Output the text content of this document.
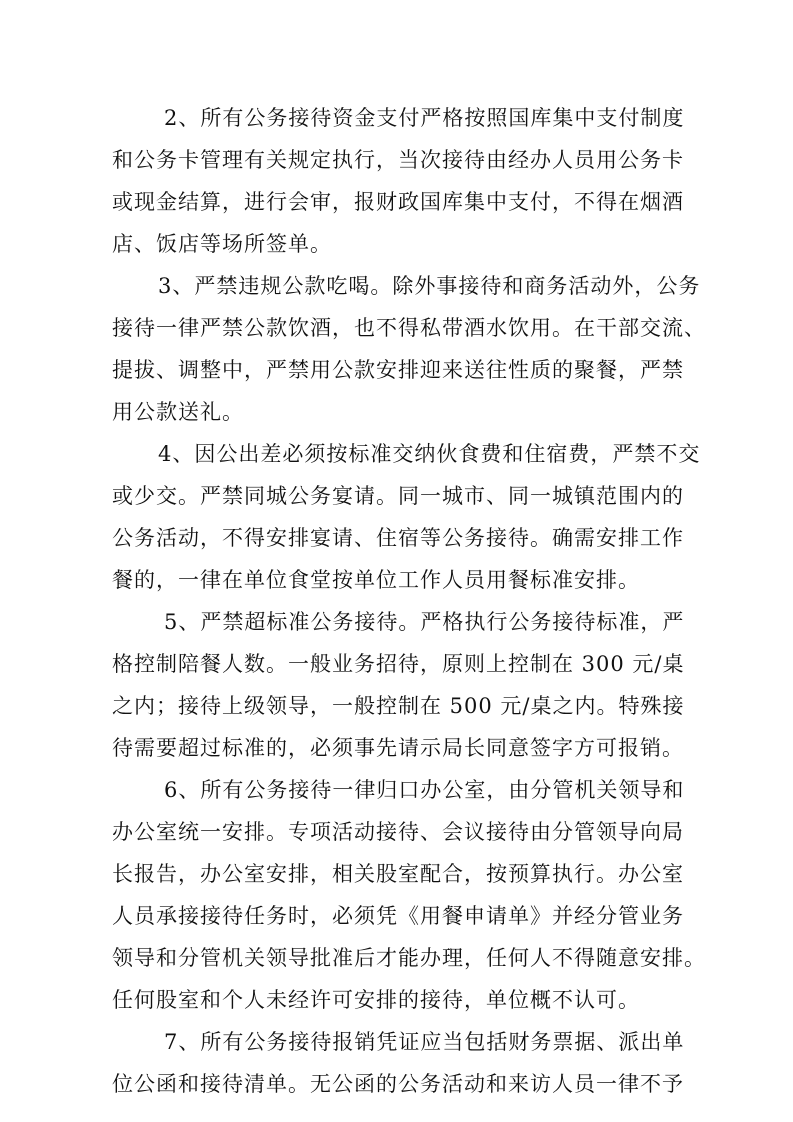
2、所有公务接待资金支付严格按照国库集中支付制度
和公务卡管理有关规定执行，当次接待由经办人员用公务卡
或现金结算，进行会审，报财政国库集中支付，不得在烟酒
店、饭店等场所签单。
3、严禁违规公款吃喝。除外事接待和商务活动外，公务
接待一律严禁公款饮酒，也不得私带酒水饮用。在干部交流、
提拔、调整中，严禁用公款安排迎来送往性质的聚餐，严禁
用公款送礼。
4、因公出差必须按标准交纳伙食费和住宿费，严禁不交
或少交。严禁同城公务宴请。同一城市、同一城镇范围内的
公务活动，不得安排宴请、住宿等公务接待。确需安排工作
餐的，一律在单位食堂按单位工作人员用餐标准安排。
5、严禁超标准公务接待。严格执行公务接待标准，严
格控制陪餐人数。一般业务招待，原则上控制在 300 元/桌
之内；接待上级领导，一般控制在 500 元/桌之内。特殊接
待需要超过标准的，必须事先请示局长同意签字方可报销。
6、所有公务接待一律归口办公室，由分管机关领导和
办公室统一安排。专项活动接待、会议接待由分管领导向局
长报告，办公室安排，相关股室配合，按预算执行。办公室
人员承接接待任务时，必须凭《用餐申请单》并经分管业务
领导和分管机关领导批准后才能办理，任何人不得随意安排。
任何股室和个人未经许可安排的接待，单位概不认可。
7、所有公务接待报销凭证应当包括财务票据、派出单
位公函和接待清单。无公函的公务活动和来访人员一律不予
